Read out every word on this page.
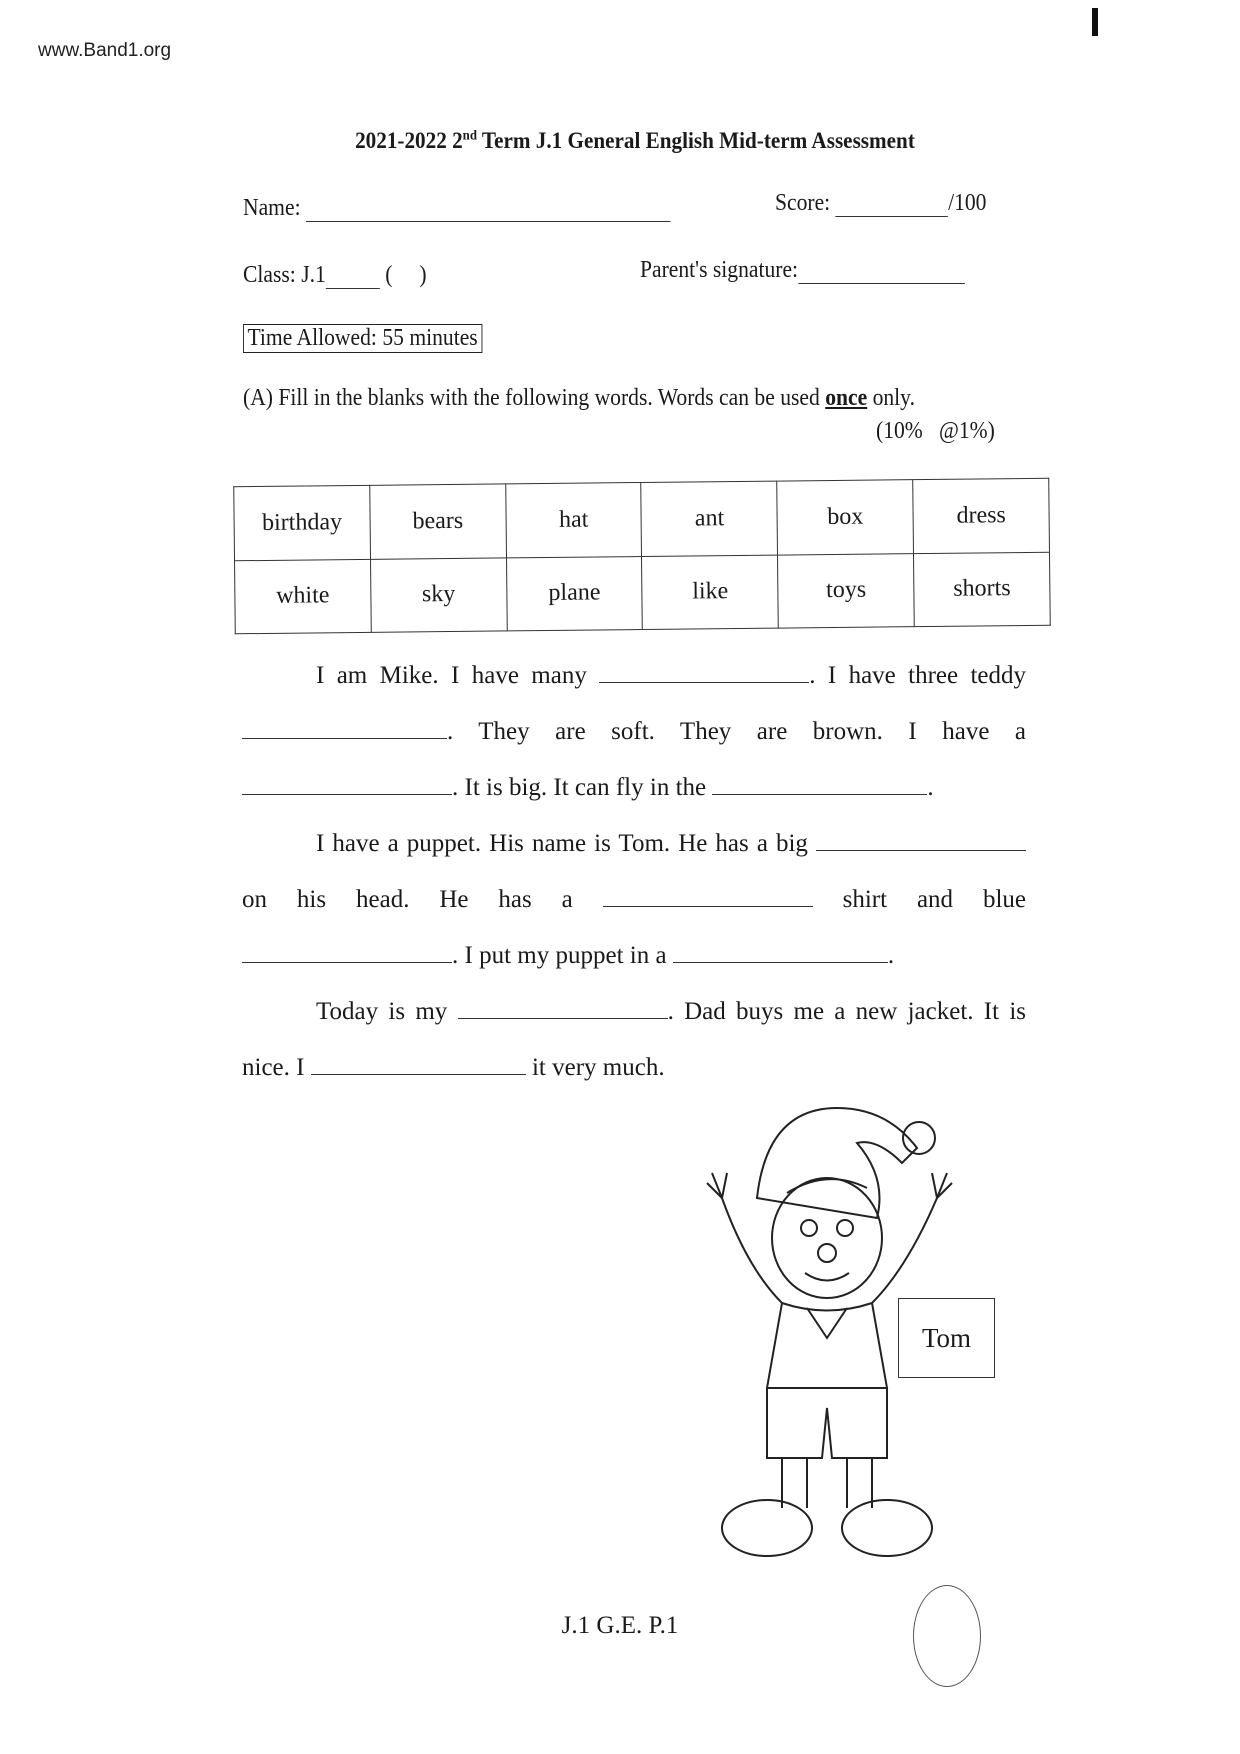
www.Band1.org
2021-2022 2nd Term J.1 General English Mid-term Assessment
Name:	Score:	/100
Class: J.1 (     )	Parent's signature:
Time Allowed: 55 minutes
(A) Fill in the blanks with the following words. Words can be used once only.
(10%   @1%)
birthday	bears	hat	ant	box	dress
white	sky	plane	like	toys	shorts

I am Mike. I have many	. I have three teddy . They are soft. They are brown. I have a . It is big. It can fly in the	.

I have a puppet. His name is Tom. He has a big  on his head. He has a	shirt and blue . I put my puppet in a	.

Today is my	. Dad buys me a new jacket. It is nice. I	it very much.

Tom
J.1 G.E. P.1
